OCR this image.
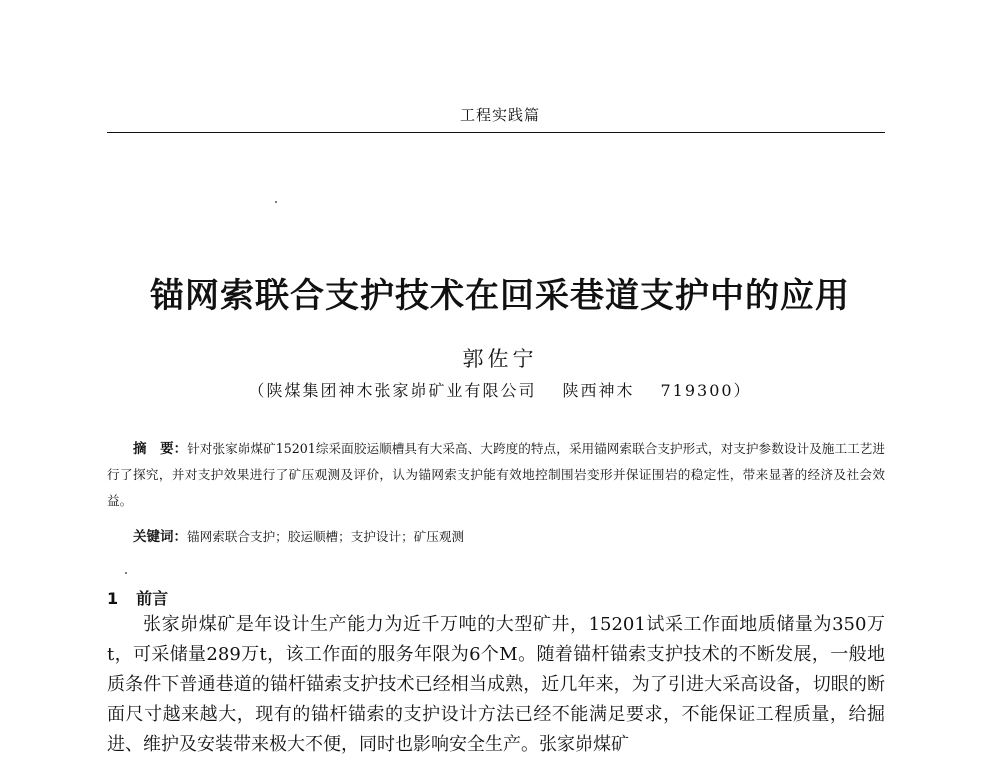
工程实践篇
锚网索联合支护技术在回采巷道支护中的应用
郭佐宁
（陕煤集团神木张家峁矿业有限公司 陕西神木 719300）
摘　要：针对张家峁煤矿15201综采面胶运顺槽具有大采高、大跨度的特点，采用锚网索联合支护形式，对支护参数设计及施工工艺进行了探究，并对支护效果进行了矿压观测及评价，认为锚网索支护能有效地控制围岩变形并保证围岩的稳定性，带来显著的经济及社会效益。
关键词：锚网索联合支护；胶运顺槽；支护设计；矿压观测
1 前言
张家峁煤矿是年设计生产能力为近千万吨的大型矿井，15201试采工作面地质储量为350万t，可采储量289万t，该工作面的服务年限为6个M。随着锚杆锚索支护技术的不断发展，一般地质条件下普通巷道的锚杆锚索支护技术已经相当成熟，近几年来，为了引进大采高设备，切眼的断面尺寸越来越大，现有的锚杆锚索的支护设计方法已经不能满足要求，不能保证工程质量，给掘进、维护及安装带来极大不便，同时也影响安全生产。张家峁煤矿
